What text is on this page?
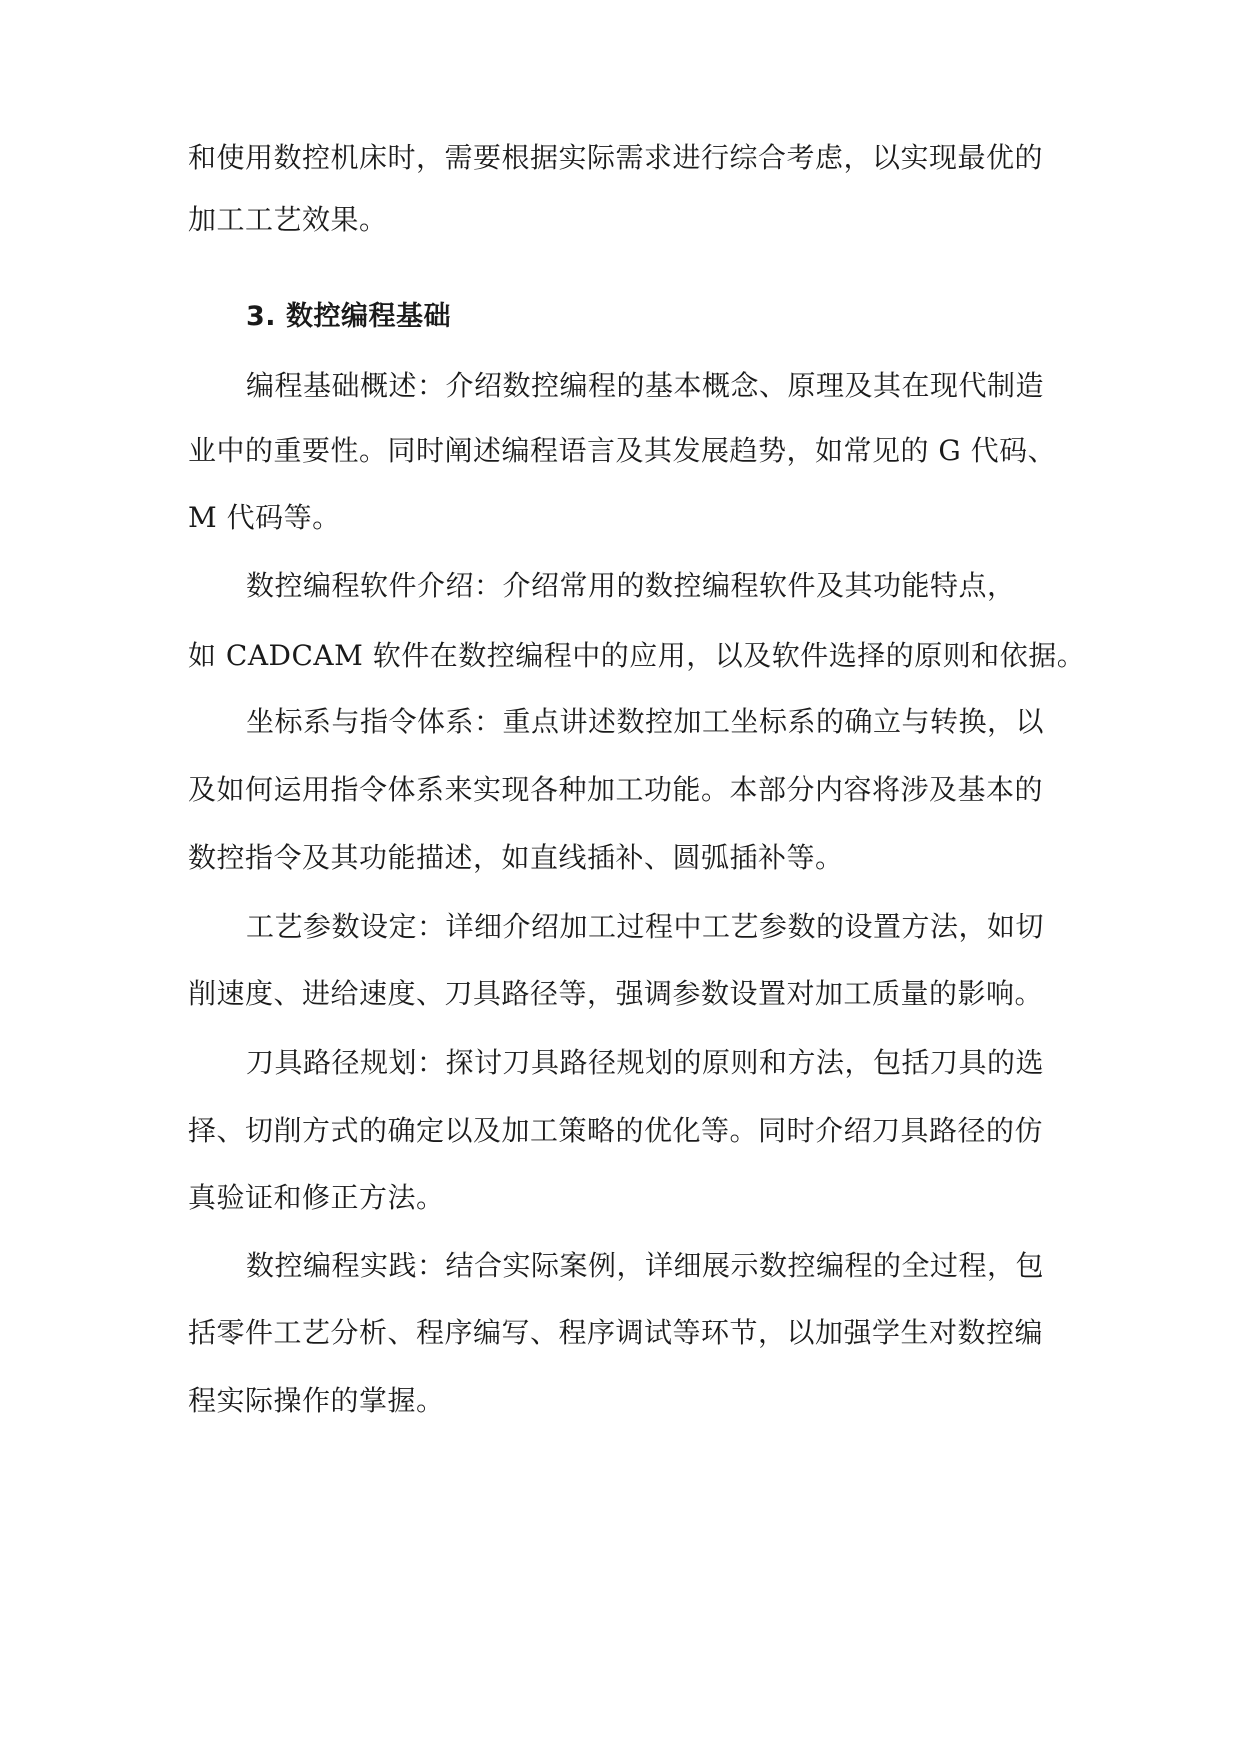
和使用数控机床时，需要根据实际需求进行综合考虑，以实现最优的
加工工艺效果。
3. 数控编程基础
编程基础概述：介绍数控编程的基本概念、原理及其在现代制造
业中的重要性。同时阐述编程语言及其发展趋势，如常见的 G 代码、
M 代码等。
数控编程软件介绍：介绍常用的数控编程软件及其功能特点，
如 CADCAM 软件在数控编程中的应用，以及软件选择的原则和依据。
坐标系与指令体系：重点讲述数控加工坐标系的确立与转换，以
及如何运用指令体系来实现各种加工功能。本部分内容将涉及基本的
数控指令及其功能描述，如直线插补、圆弧插补等。
工艺参数设定：详细介绍加工过程中工艺参数的设置方法，如切
削速度、进给速度、刀具路径等，强调参数设置对加工质量的影响。
刀具路径规划：探讨刀具路径规划的原则和方法，包括刀具的选
择、切削方式的确定以及加工策略的优化等。同时介绍刀具路径的仿
真验证和修正方法。
数控编程实践：结合实际案例，详细展示数控编程的全过程，包
括零件工艺分析、程序编写、程序调试等环节，以加强学生对数控编
程实际操作的掌握。
